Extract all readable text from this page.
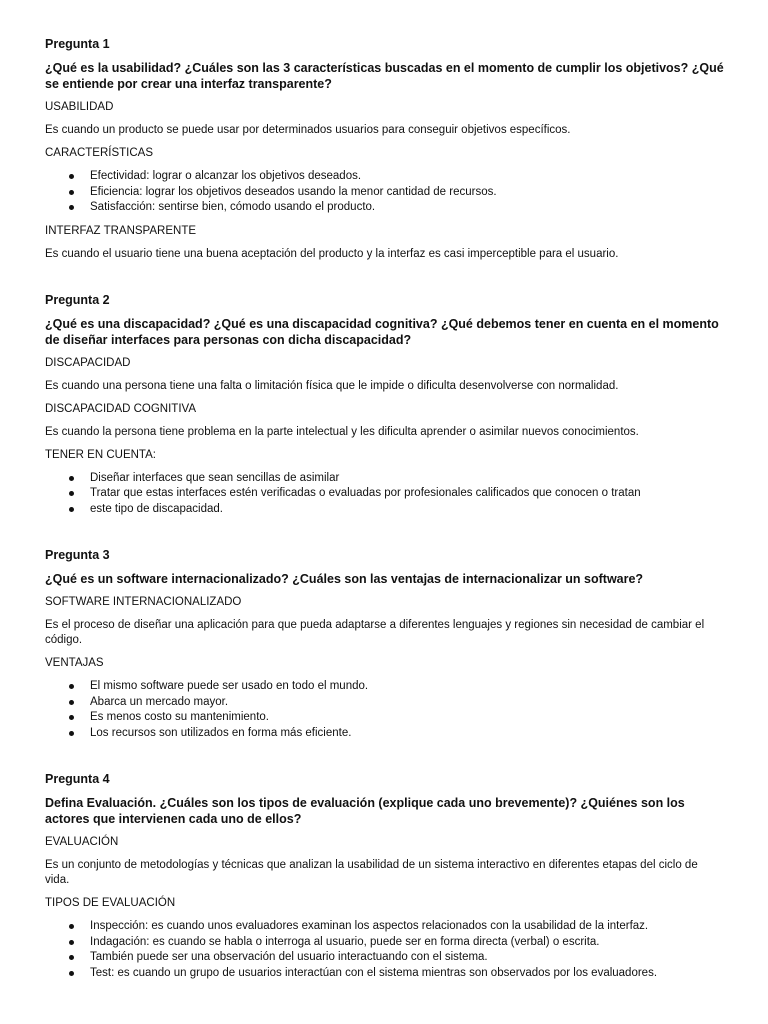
Pregunta 1
¿Qué es la usabilidad? ¿Cuáles son las 3 características buscadas en el momento de cumplir los objetivos? ¿Qué se entiende por crear una interfaz transparente?
USABILIDAD
Es cuando un producto se puede usar por determinados usuarios para conseguir objetivos específicos.
CARACTERÍSTICAS
Efectividad: lograr o alcanzar los objetivos deseados.
Eficiencia: lograr los objetivos deseados usando la menor cantidad de recursos.
Satisfacción: sentirse bien, cómodo usando el producto.
INTERFAZ TRANSPARENTE
Es cuando el usuario tiene una buena aceptación del producto y la interfaz es casi imperceptible para el usuario.
Pregunta 2
¿Qué es una discapacidad? ¿Qué es una discapacidad cognitiva? ¿Qué debemos tener en cuenta en el momento de diseñar interfaces para personas con dicha discapacidad?
DISCAPACIDAD
Es cuando una persona tiene una falta o limitación física que le impide o dificulta desenvolverse con normalidad.
DISCAPACIDAD COGNITIVA
Es cuando la persona tiene problema en la parte intelectual y les dificulta aprender o asimilar nuevos conocimientos.
TENER EN CUENTA:
Diseñar interfaces que sean sencillas de asimilar
Tratar que estas interfaces estén verificadas o evaluadas por profesionales calificados que conocen o tratan
este tipo de discapacidad.
Pregunta 3
¿Qué es un software internacionalizado? ¿Cuáles son las ventajas de internacionalizar un software?
SOFTWARE INTERNACIONALIZADO
Es el proceso de diseñar una aplicación para que pueda adaptarse a diferentes lenguajes y regiones sin necesidad de cambiar el código.
VENTAJAS
El mismo software puede ser usado en todo el mundo.
Abarca un mercado mayor.
Es menos costo su mantenimiento.
Los recursos son utilizados en forma más eficiente.
Pregunta 4
Defina Evaluación. ¿Cuáles son los tipos de evaluación (explique cada uno brevemente)? ¿Quiénes son los actores que intervienen cada uno de ellos?
EVALUACIÓN
Es un conjunto de metodologías y técnicas que analizan la usabilidad de un sistema interactivo en diferentes etapas del ciclo de vida.
TIPOS DE EVALUACIÓN
Inspección: es cuando unos evaluadores examinan los aspectos relacionados con la usabilidad de la interfaz.
Indagación: es cuando se habla o interroga al usuario, puede ser en forma directa (verbal) o escrita.
También puede ser una observación del usuario interactuando con el sistema.
Test: es cuando un grupo de usuarios interactúan con el sistema mientras son observados por los evaluadores.
